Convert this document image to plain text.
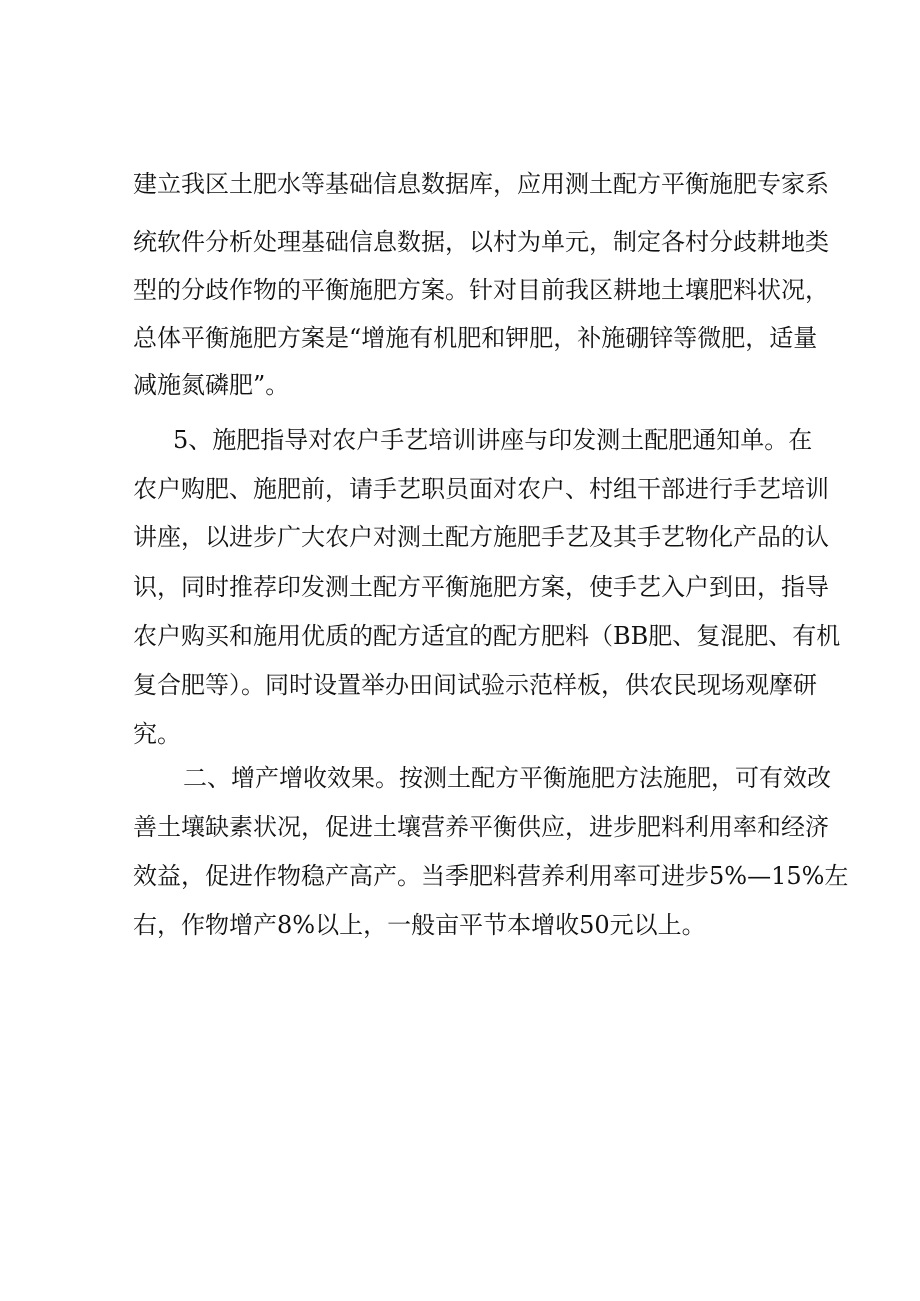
建立我区土肥水等基础信息数据库，应用测土配方平衡施肥专家系
统软件分析处理基础信息数据，以村为单元，制定各村分歧耕地类
型的分歧作物的平衡施肥方案。针对目前我区耕地土壤肥料状况，
总体平衡施肥方案是“增施有机肥和钾肥，补施硼锌等微肥，适量
减施氮磷肥”。
5、施肥指导对农户手艺培训讲座与印发测土配肥通知单。在
农户购肥、施肥前，请手艺职员面对农户、村组干部进行手艺培训
讲座，以进步广大农户对测土配方施肥手艺及其手艺物化产品的认
识，同时推荐印发测土配方平衡施肥方案，使手艺入户到田，指导
农户购买和施用优质的配方适宜的配方肥料（BB肥、复混肥、有机
复合肥等）。同时设置举办田间试验示范样板，供农民现场观摩研
究。
二、增产增收效果。按测土配方平衡施肥方法施肥，可有效改
善土壤缺素状况，促进土壤营养平衡供应，进步肥料利用率和经济
效益，促进作物稳产高产。当季肥料营养利用率可进步5%—15%左
右，作物增产8%以上，一般亩平节本增收50元以上。
